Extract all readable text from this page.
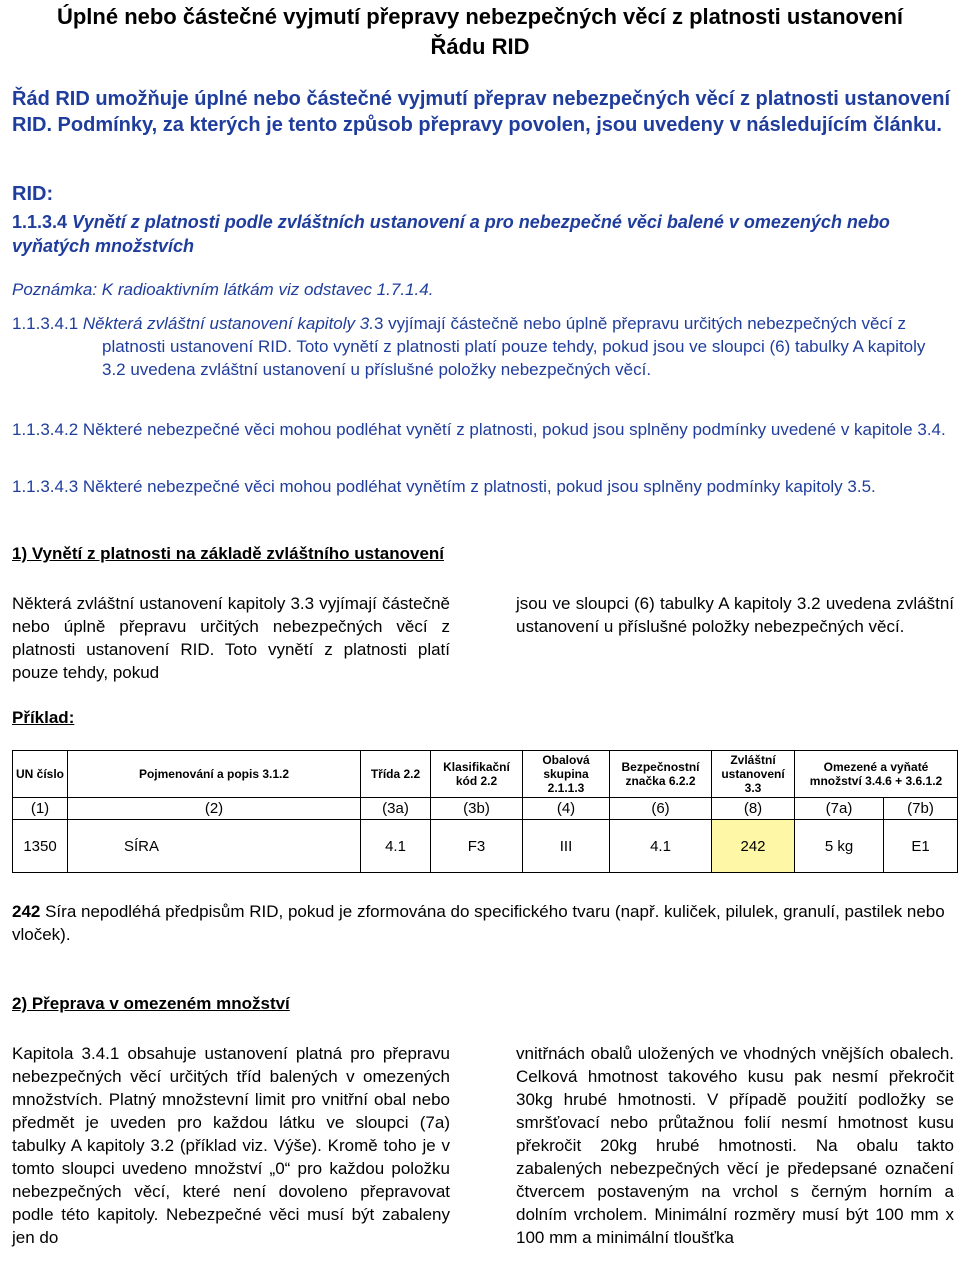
Úplné nebo částečné vyjmutí přepravy nebezpečných věcí z platnosti ustanovení Řádu RID
Řád RID umožňuje úplné nebo částečné vyjmutí přeprav nebezpečných věcí z platnosti ustanovení RID. Podmínky, za kterých je tento způsob přepravy povolen, jsou uvedeny v následujícím článku.
RID:
1.1.3.4 Vynětí z platnosti podle zvláštních ustanovení a pro nebezpečné věci balené v omezených nebo vyňatých množstvích
Poznámka: K radioaktivním látkám viz odstavec 1.7.1.4.
1.1.3.4.1 Některá zvláštní ustanovení kapitoly 3.3 vyjímají částečně nebo úplně přepravu určitých nebezpečných věcí z platnosti ustanovení RID. Toto vynětí z platnosti platí pouze tehdy, pokud jsou ve sloupci (6) tabulky A kapitoly 3.2 uvedena zvláštní ustanovení u příslušné položky nebezpečných věcí.
1.1.3.4.2 Některé nebezpečné věci mohou podléhat vynětí z platnosti, pokud jsou splněny podmínky uvedené v kapitole 3.4.
1.1.3.4.3 Některé nebezpečné věci mohou podléhat vynětím z platnosti, pokud jsou splněny podmínky kapitoly 3.5.
1) Vynětí z platnosti na základě zvláštního ustanovení
Některá zvláštní ustanovení kapitoly 3.3 vyjímají částečně nebo úplně přepravu určitých nebezpečných věcí z platnosti ustanovení RID. Toto vynětí z platnosti platí pouze tehdy, pokud
jsou ve sloupci (6) tabulky A kapitoly 3.2 uvedena zvláštní ustanovení u příslušné položky nebezpečných věcí.
Příklad:
UN číslo	Pojmenování a popis 3.1.2	Třída 2.2	Klasifikační kód 2.2	Obalová skupina 2.1.1.3	Bezpečnostní značka 6.2.2	Zvláštní ustanovení 3.3	Omezené a vyňaté množství 3.4.6 + 3.6.1.2	
(1)	(2)	(3a)	(3b)	(4)	(6)	(8)	(7a)	(7b)
1350	SÍRA	4.1	F3	III	4.1	242	5 kg	E1
242 Síra nepodléhá předpisům RID, pokud je zformována do specifického tvaru (např. kuliček, pilulek, granulí, pastilek nebo vloček).
2) Přeprava v omezeném množství
Kapitola 3.4.1 obsahuje ustanovení platná pro přepravu nebezpečných věcí určitých tříd balených v omezených množstvích. Platný množstevní limit pro vnitřní obal nebo předmět je uveden pro každou látku ve sloupci (7a) tabulky A kapitoly 3.2 (příklad viz. Výše). Kromě toho je v tomto sloupci uvedeno množství „0“ pro každou položku nebezpečných věcí, které není dovoleno přepravovat podle této kapitoly. Nebezpečné věci musí být zabaleny jen do
vnitřnách obalů uložených ve vhodných vnějších obalech. Celková hmotnost takového kusu pak nesmí překročit 30kg hrubé hmotnosti. V případě použití podložky se smršťovací nebo průtažnou folií nesmí hmotnost kusu překročit 20kg hrubé hmotnosti. Na obalu takto zabalených nebezpečných věcí je předepsané označení čtvercem postaveným na vrchol s černým horním a dolním vrcholem. Minimální rozměry musí být 100 mm x 100 mm a minimální tloušťka
